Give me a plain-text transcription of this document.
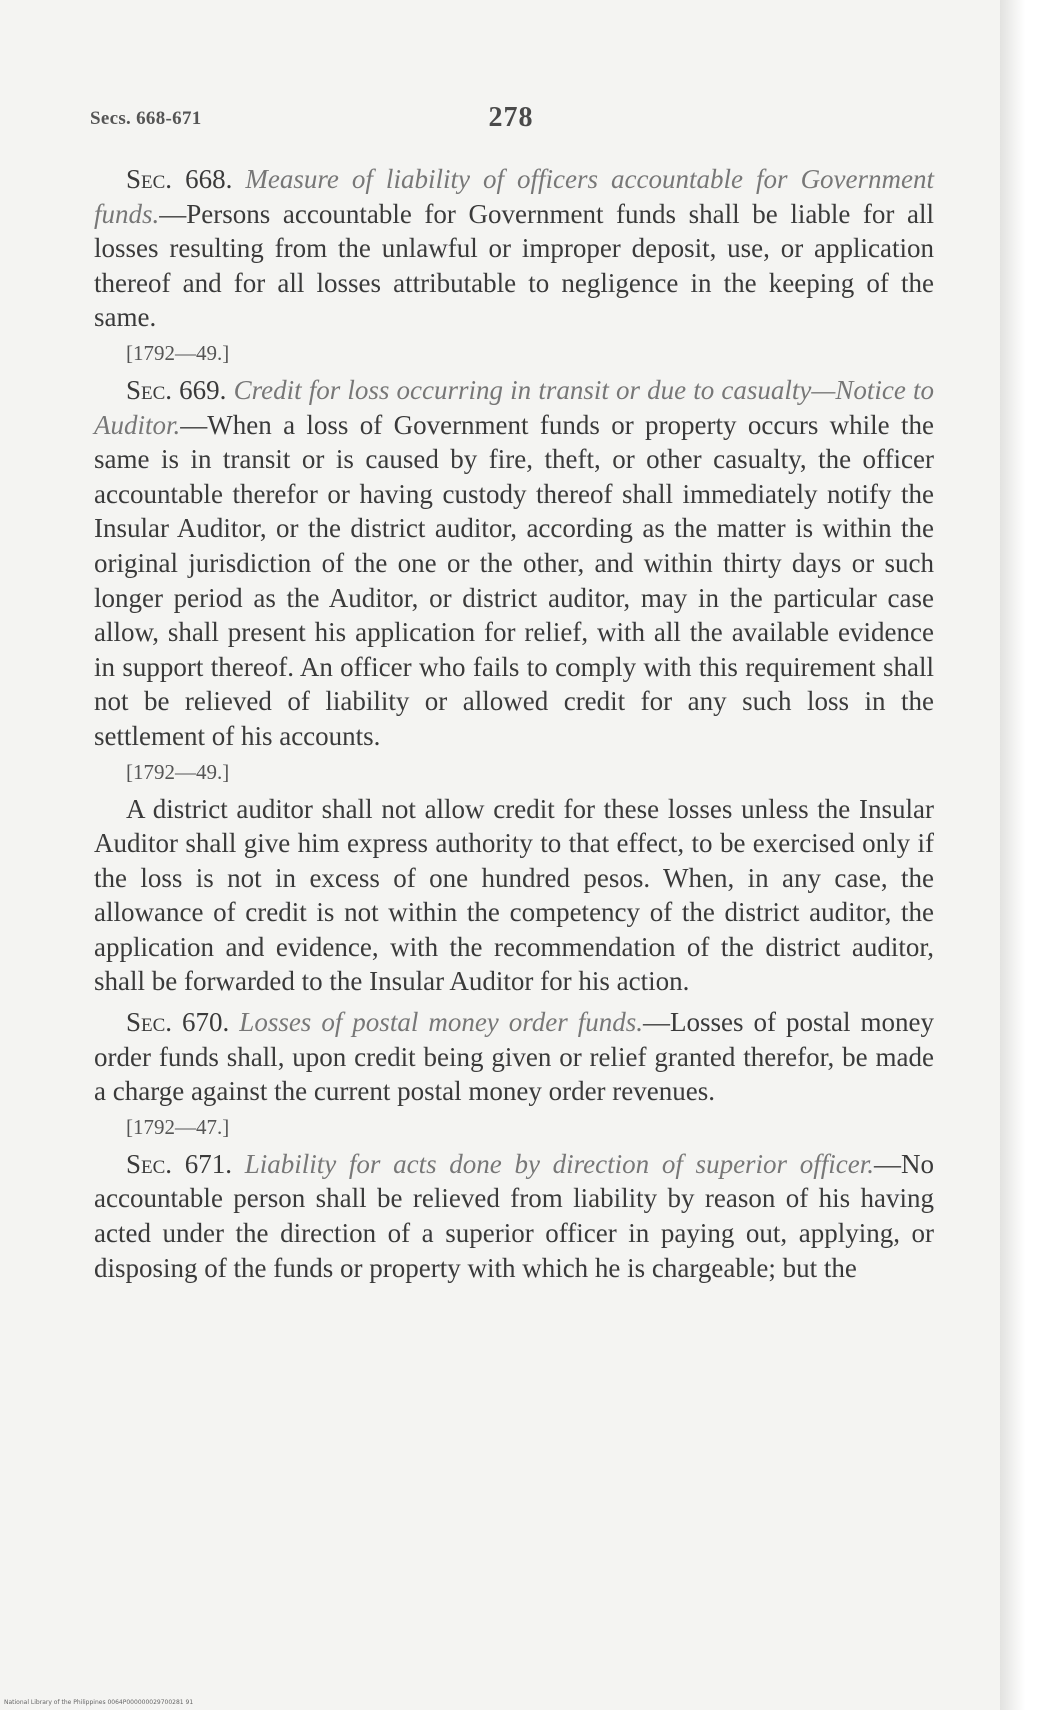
Secs. 668-671	278

Sec. 668. Measure of liability of officers accountable for Government funds.—Persons accountable for Government funds shall be liable for all losses resulting from the unlawful or improper deposit, use, or application thereof and for all losses attributable to negligence in the keeping of the same.

[1792—49.]

Sec. 669. Credit for loss occurring in transit or due to casualty—Notice to Auditor.—When a loss of Government funds or property occurs while the same is in transit or is caused by fire, theft, or other casualty, the officer accountable therefor or having custody thereof shall immediately notify the Insular Auditor, or the district auditor, according as the matter is within the original jurisdiction of the one or the other, and within thirty days or such longer period as the Auditor, or district auditor, may in the particular case allow, shall present his application for relief, with all the available evidence in support thereof. An officer who fails to comply with this requirement shall not be relieved of liability or allowed credit for any such loss in the settlement of his accounts.

[1792—49.]

A district auditor shall not allow credit for these losses unless the Insular Auditor shall give him express authority to that effect, to be exercised only if the loss is not in excess of one hundred pesos. When, in any case, the allowance of credit is not within the competency of the district auditor, the application and evidence, with the recommendation of the district auditor, shall be forwarded to the Insular Auditor for his action.

Sec. 670. Losses of postal money order funds.—Losses of postal money order funds shall, upon credit being given or relief granted therefor, be made a charge against the current postal money order revenues.

[1792—47.]

Sec. 671. Liability for acts done by direction of superior officer.—No accountable person shall be relieved from liability by reason of his having acted under the direction of a superior officer in paying out, applying, or disposing of the funds or property with which he is chargeable; but the

National Library of the Philippines 0064P000000029700281 91
